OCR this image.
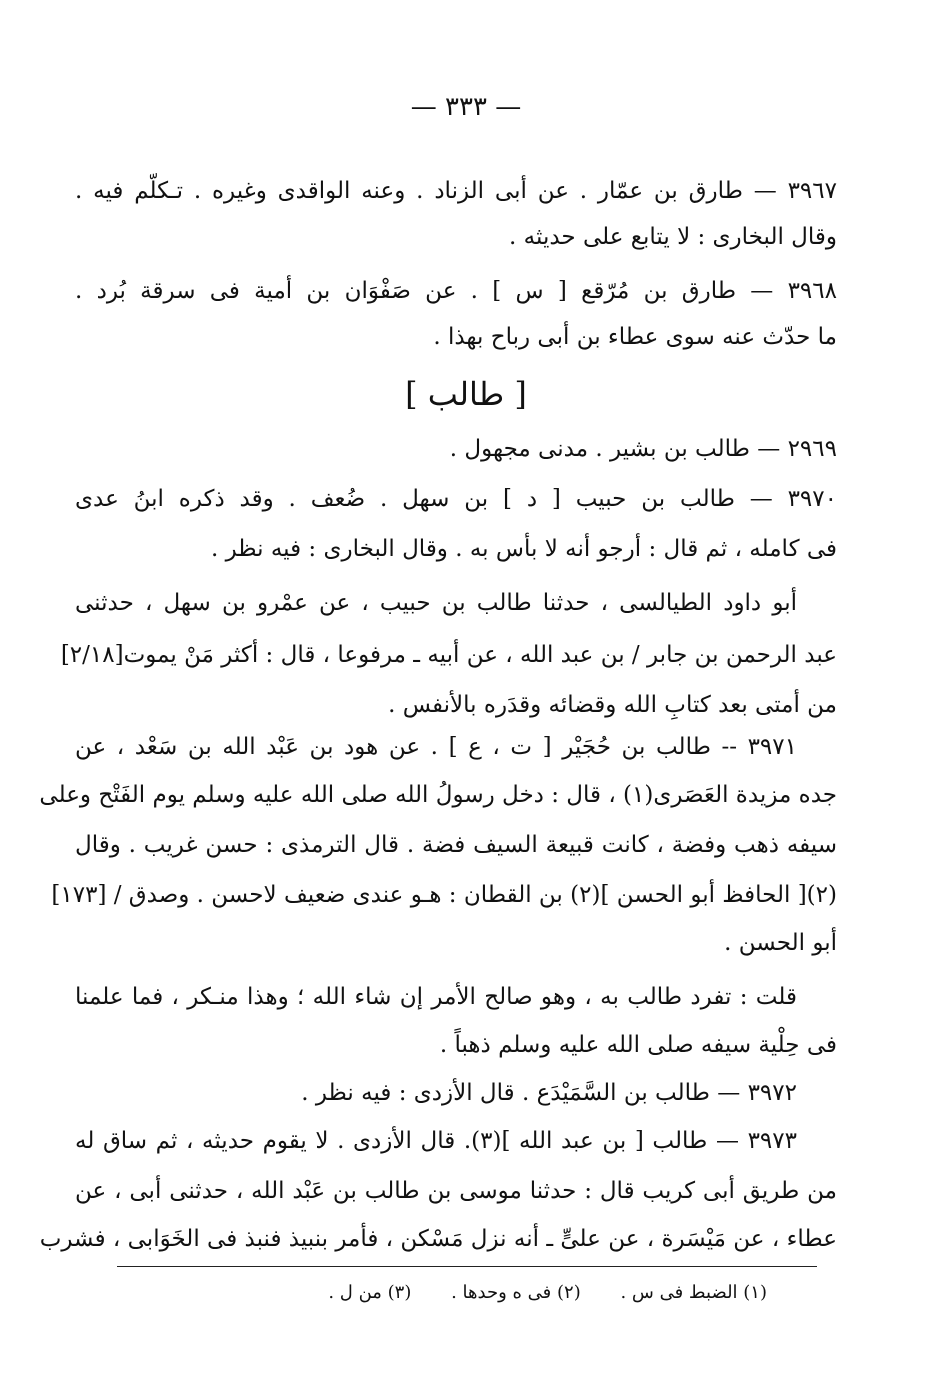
— ٣٣٣ —
٣٩٦٧ — طارق بن عمّار . عن أبى الزناد . وعنه الواقدى وغيره . تـكلّم فيه .
وقال البخارى : لا يتابع على حديثه .
٣٩٦٨ — طارق بن مُرّقع [ س ] . عن صَفْوَان بن أمية فى سرقة بُرد .
ما حدّث عنه سوى عطاء بن أبى رباح بهذا .
[ طالب ]
٢٩٦٩ — طالب بن بشير . مدنى مجهول .
٣٩٧٠ — طالب بن حبيب [ د ] بن سهل . ضُعف . وقد ذكره ابنُ عدى
فى كامله ، ثم قال : أرجو أنه لا بأس به . وقال البخارى : فيه نظر .
أبو داود الطيالسى ، حدثنا طالب بن حبيب ، عن عمْرو بن سهل ، حدثنى
عبد الرحمن بن جابر / بن عبد الله ، عن أبيه ـ مرفوعا ، قال : أكثر مَنْ يموت[٢/١٨]
من أمتى بعد كتابِ الله وقضائه وقدَره بالأنفس .
٣٩٧١ -- طالب بن حُجَيْر [ ت ، ع ] . عن هود بن عَبْد الله بن سَعْد ، عن
جده مزيدة العَصَرى(١) ، قال : دخل رسولُ الله صلى الله عليه وسلم يوم الفَتْح وعلى
سيفه ذهب وفضة ، كانت قبيعة السيف فضة . قال الترمذى : حسن غريب . وقال
(٢)[ الحافظ أبو الحسن ](٢) بن القطان : هـو عندى ضعيف لاحسن . وصدق / [١٧٣]
أبو الحسن .
قلت : تفرد طالب به ، وهو صالح الأمر إن شاء الله ؛ وهذا منـكر ، فما علمنا
فى حِلْية سيفه صلى الله عليه وسلم ذهباً .
٣٩٧٢ — طالب بن السَّمَيْدَع . قال الأزدى : فيه نظر .
٣٩٧٣ — طالب [ بن عبد الله ](٣). قال الأزدى . لا يقوم حديثه ، ثم ساق له
من طريق أبى كريب قال : حدثنا موسى بن طالب بن عَبْد الله ، حدثنى أبى ، عن
عطاء ، عن مَيْسَرة ، عن علىٍّ ـ أنه نزل مَسْكن ، فأمر بنبيذ فنبذ فى الخَوَابى ، فشرب
(١) الضبط فى س . (٢) فى ه وحدها . (٣) من ل .
